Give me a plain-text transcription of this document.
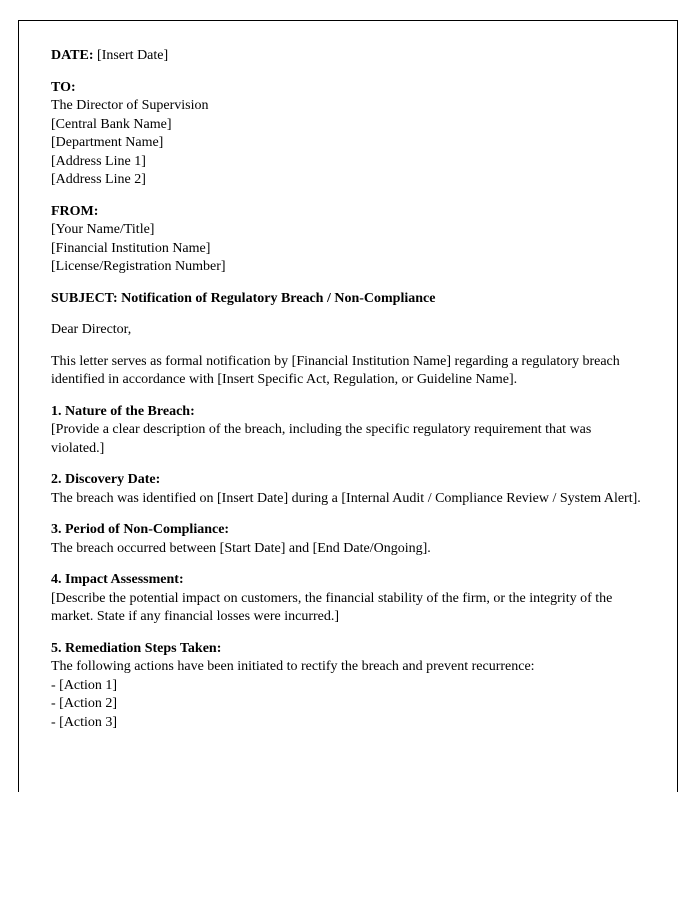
DATE: [Insert Date]

TO:

The Director of Supervision

[Central Bank Name]

[Department Name]

[Address Line 1]

[Address Line 2]

FROM:

[Your Name/Title]

[Financial Institution Name]

[License/Registration Number]

SUBJECT: Notification of Regulatory Breach / Non-Compliance

Dear Director,

This letter serves as formal notification by [Financial Institution Name] regarding a regulatory breach identified in accordance with [Insert Specific Act, Regulation, or Guideline Name].

1. Nature of the Breach:

[Provide a clear description of the breach, including the specific regulatory requirement that was violated.]

2. Discovery Date:

The breach was identified on [Insert Date] during a [Internal Audit / Compliance Review / System Alert].

3. Period of Non-Compliance:

The breach occurred between [Start Date] and [End Date/Ongoing].

4. Impact Assessment:

[Describe the potential impact on customers, the financial stability of the firm, or the integrity of the market. State if any financial losses were incurred.]

5. Remediation Steps Taken:

The following actions have been initiated to rectify the breach and prevent recurrence:

- [Action 1]

- [Action 2]

- [Action 3]
